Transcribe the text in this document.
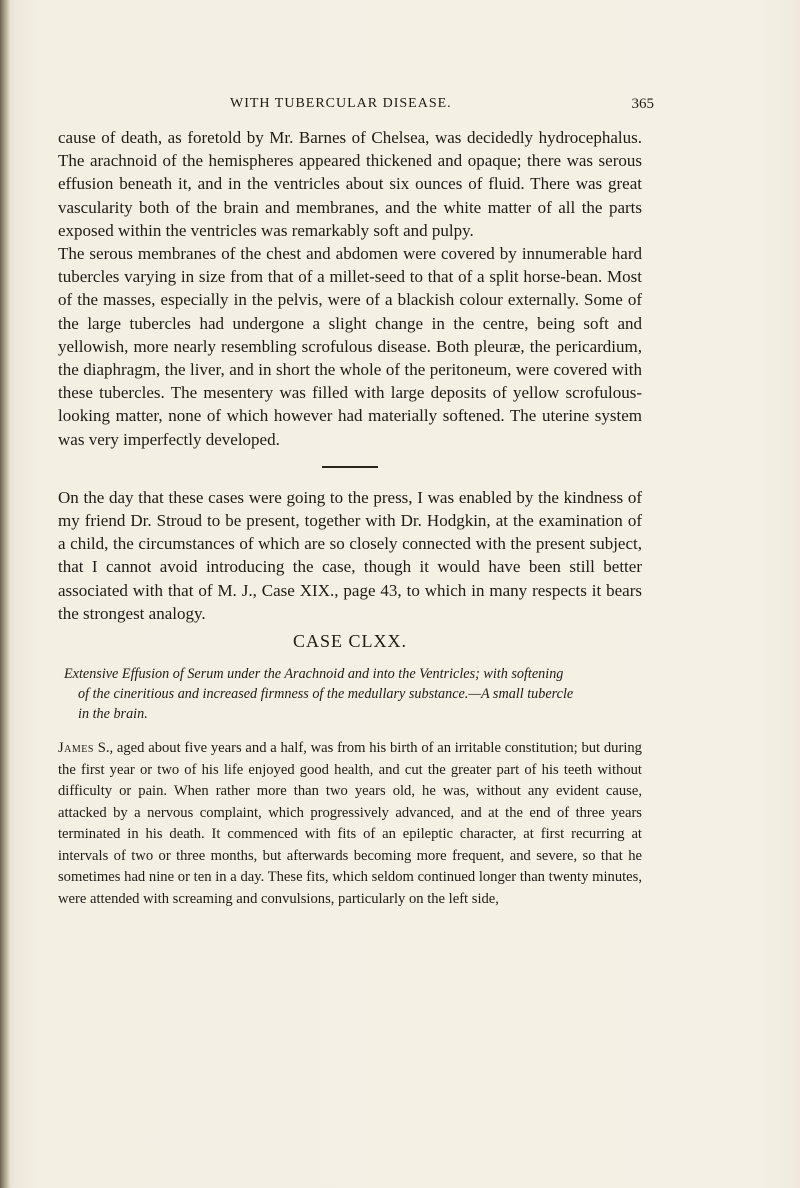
WITH TUBERCULAR DISEASE.	365

cause of death, as foretold by Mr. Barnes of Chelsea, was decidedly hydrocephalus. The arachnoid of the hemispheres appeared thickened and opaque; there was serous effusion beneath it, and in the ventricles about six ounces of fluid. There was great vascularity both of the brain and membranes, and the white matter of all the parts exposed within the ventricles was remarkably soft and pulpy.

The serous membranes of the chest and abdomen were covered by innumerable hard tubercles varying in size from that of a millet-seed to that of a split horse-bean. Most of the masses, especially in the pelvis, were of a blackish colour externally. Some of the large tubercles had undergone a slight change in the centre, being soft and yellowish, more nearly resembling scrofulous disease. Both pleuræ, the pericardium, the diaphragm, the liver, and in short the whole of the peritoneum, were covered with these tubercles. The mesentery was filled with large deposits of yellow scrofulous-looking matter, none of which however had materially softened. The uterine system was very imperfectly developed.

On the day that these cases were going to the press, I was enabled by the kindness of my friend Dr. Stroud to be present, together with Dr. Hodgkin, at the examination of a child, the circumstances of which are so closely connected with the present subject, that I cannot avoid introducing the case, though it would have been still better associated with that of M. J., Case XIX., page 43, to which in many respects it bears the strongest analogy.

CASE CLXX.
Extensive Effusion of Serum under the Arachnoid and into the Ventricles; with softening
of the cineritious and increased firmness of the medullary substance.—A small tubercle
in the brain.

James S., aged about five years and a half, was from his birth of an irritable constitution; but during the first year or two of his life enjoyed good health, and cut the greater part of his teeth without difficulty or pain. When rather more than two years old, he was, without any evident cause, attacked by a nervous complaint, which progressively advanced, and at the end of three years terminated in his death. It commenced with fits of an epileptic character, at first recurring at intervals of two or three months, but afterwards becoming more frequent, and severe, so that he sometimes had nine or ten in a day. These fits, which seldom continued longer than twenty minutes, were attended with screaming and convulsions, particularly on the left side,
